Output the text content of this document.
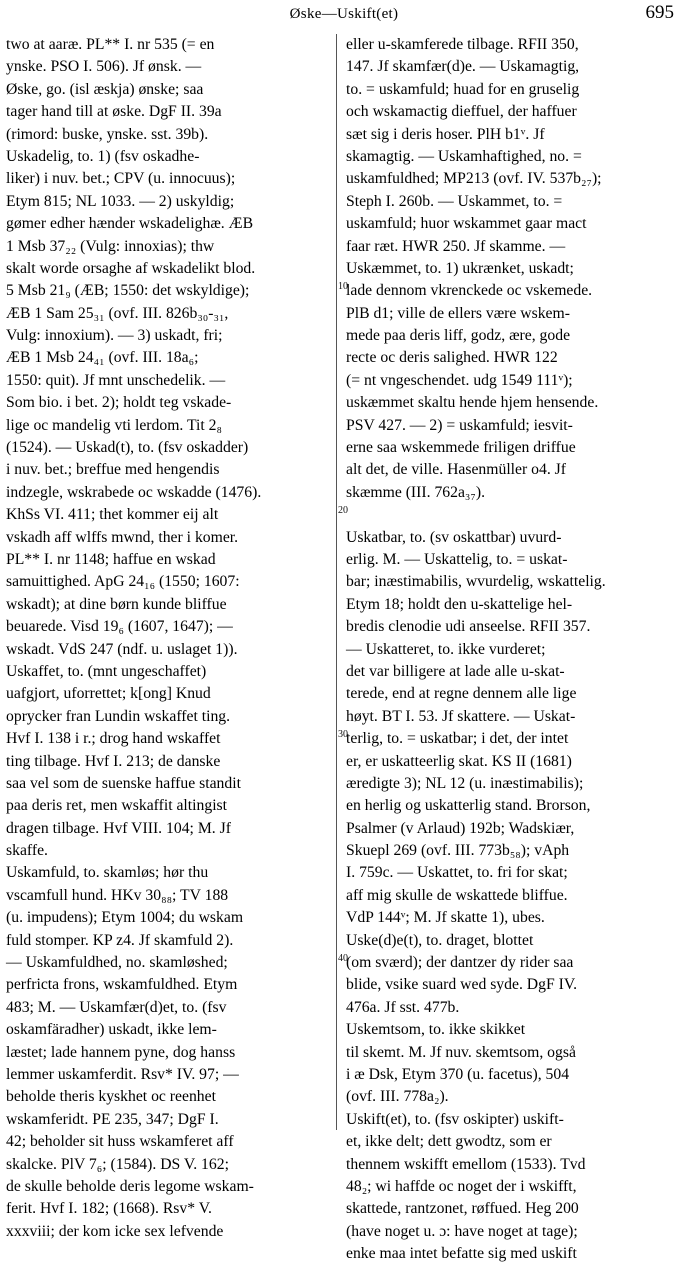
Øske—Uskift(et)	695
two at aaræ. PL** I. nr 535 (= en
ynske. PSO I. 506). Jf ønsk. —
Øske, go. (isl æskja) ønske; saa
tager hand till at øske. DgF II. 39a
(rimord: buske, ynske. sst. 39b).
Uskadelig, to. 1) (fsv oskadhe-
liker) i nuv. bet.; CPV (u. innocuus);
Etym 815; NL 1033. — 2) uskyldig;
gømer edher hænder wskadelighæ. ÆB
1 Msb 37₂₂ (Vulg: innoxias); thw
skalt worde orsaghe af wskadelikt blod.
5 Msb 21₉ (ÆB; 1550: det wskyldige);
ÆB 1 Sam 25₃₁ (ovf. III. 826b₃₀-₃₁,
Vulg: innoxium). — 3) uskadt, fri;
ÆB 1 Msb 24₄₁ (ovf. III. 18a₆;
1550: quit). Jf mnt unschedelik. —
Som bio. i bet. 2); holdt teg vskade-
lige oc mandelig vti lerdom. Tit 2₈
(1524). — Uskad(t), to. (fsv oskadder)
i nuv. bet.; breffue med hengendis
indzegle, wskrabede oc wskadde (1476).
KhSs VI. 411; thet kommer eij alt
vskadh aff wlffs mwnd, ther i komer.
PL** I. nr 1148; haffue en wskad
samuittighed. ApG 24₁₆ (1550; 1607:
wskadt); at dine børn kunde bliffue
beuarede. Visd 19₆ (1607, 1647); —
wskadt. VdS 247 (ndf. u. uslaget 1)).
Uskaffet, to. (mnt ungeschaffet)
uafgjort, uforrettet; k[ong] Knud
oprycker fran Lundin wskaffet ting.
Hvf I. 138 i r.; drog hand wskaffet
ting tilbage. Hvf I. 213; de danske
saa vel som de suenske haffue standit
paa deris ret, men wskaffit altingist
dragen tilbage. Hvf VIII. 104; M. Jf
skaffe.
Uskamfuld, to. skamløs; hør thu
vscamfull hund. HKv 30₈₈; TV 188
(u. impudens); Etym 1004; du wskam
fuld stomper. KP z4. Jf skamfuld 2).
— Uskamfuldhed, no. skamløshed;
perfricta frons, wskamfuldhed. Etym
483; M. — Uskamfær(d)et, to. (fsv
oskamfäradher) uskadt, ikke lem-
læstet; lade hannem pyne, dog hanss
lemmer uskamferdit. Rsv* IV. 97; —
beholde theris kyskhet oc reenhet
wskamferidt. PE 235, 347; DgF I.
42; beholder sit huss wskamferet aff
skalcke. PlV 7₆; (1584). DS V. 162;
de skulle beholde deris legome wskam-
ferit. Hvf I. 182; (1668). Rsv* V.
xxxviii; der kom icke sex lefvende
eller u-skamferede tilbage. RFII 350,
147. Jf skamfær(d)e. — Uskamagtig,
to. = uskamfuld; huad for en gruselig
och wskamactig dieffuel, der haffuer
sæt sig i deris hoser. PlH b1ᵛ. Jf
skamagtig. — Uskamhaftighed, no. =
uskamfuldhed; MP213 (ovf. IV. 537b₂₇);
Steph I. 260b. — Uskammet, to. =
uskamfuld; huor wskammet gaar mact
faar ræt. HWR 250. Jf skamme. —
Uskæmmet, to. 1) ukrænket, uskadt;
lade dennom vkrenckede oc vskemede.
PlB d1; ville de ellers være wskem-
mede paa deris liff, godz, ære, gode
recte oc deris salighed. HWR 122
(= nt vngeschendet. udg 1549 111ᵛ);
uskæmmet skaltu hende hjem hensende.
PSV 427. — 2) = uskamfuld; iesvit-
erne saa wskemmede friligen driffue
alt det, de ville. Hasenmüller o4. Jf
skæmme (III. 762a₃₇).
Uskatbar, to. (sv oskattbar) uvurd-
erlig. M. — Uskattelig, to. = uskat-
bar; inæstimabilis, wvurdelig, wskattelig.
Etym 18; holdt den u-skattelige hel-
bredis clenodie udi anseelse. RFII 357.
— Uskatteret, to. ikke vurderet;
det var billigere at lade alle u-skat-
terede, end at regne dennem alle lige
høyt. BT I. 53. Jf skattere. — Uskat-
terlig, to. = uskatbar; i det, der intet
er, er uskatteerlig skat. KS II (1681)
æredigte 3); NL 12 (u. inæstimabilis);
en herlig og uskatterlig stand. Brorson,
Psalmer (v Arlaud) 192b; Wadskiær,
Skuepl 269 (ovf. III. 773b₅₈); vAph
I. 759c. — Uskattet, to. fri for skat;
aff mig skulle de wskattede bliffue.
VdP 144ᵛ; M. Jf skatte 1), ubes.
Uske(d)e(t), to. draget, blottet
(om sværd); der dantzer dy rider saa
blide, vsike suard wed syde. DgF IV.
476a. Jf sst. 477b.
Uskemtsom, to. ikke skikket
til skemt. M. Jf nuv. skemtsom, også
i æ Dsk, Etym 370 (u. facetus), 504
(ovf. III. 778a₂).
Uskift(et), to. (fsv oskipter) uskift-
et, ikke delt; dett gwodtz, som er
thennem wskifft emellom (1533). Tvd
48₂; wi haffde oc noget der i wskifft,
skattede, rantzonet, røffued. Heg 200
(have noget u. ɔ: have noget at tage);
enke maa intet befatte sig med uskift
10
20
30
40
